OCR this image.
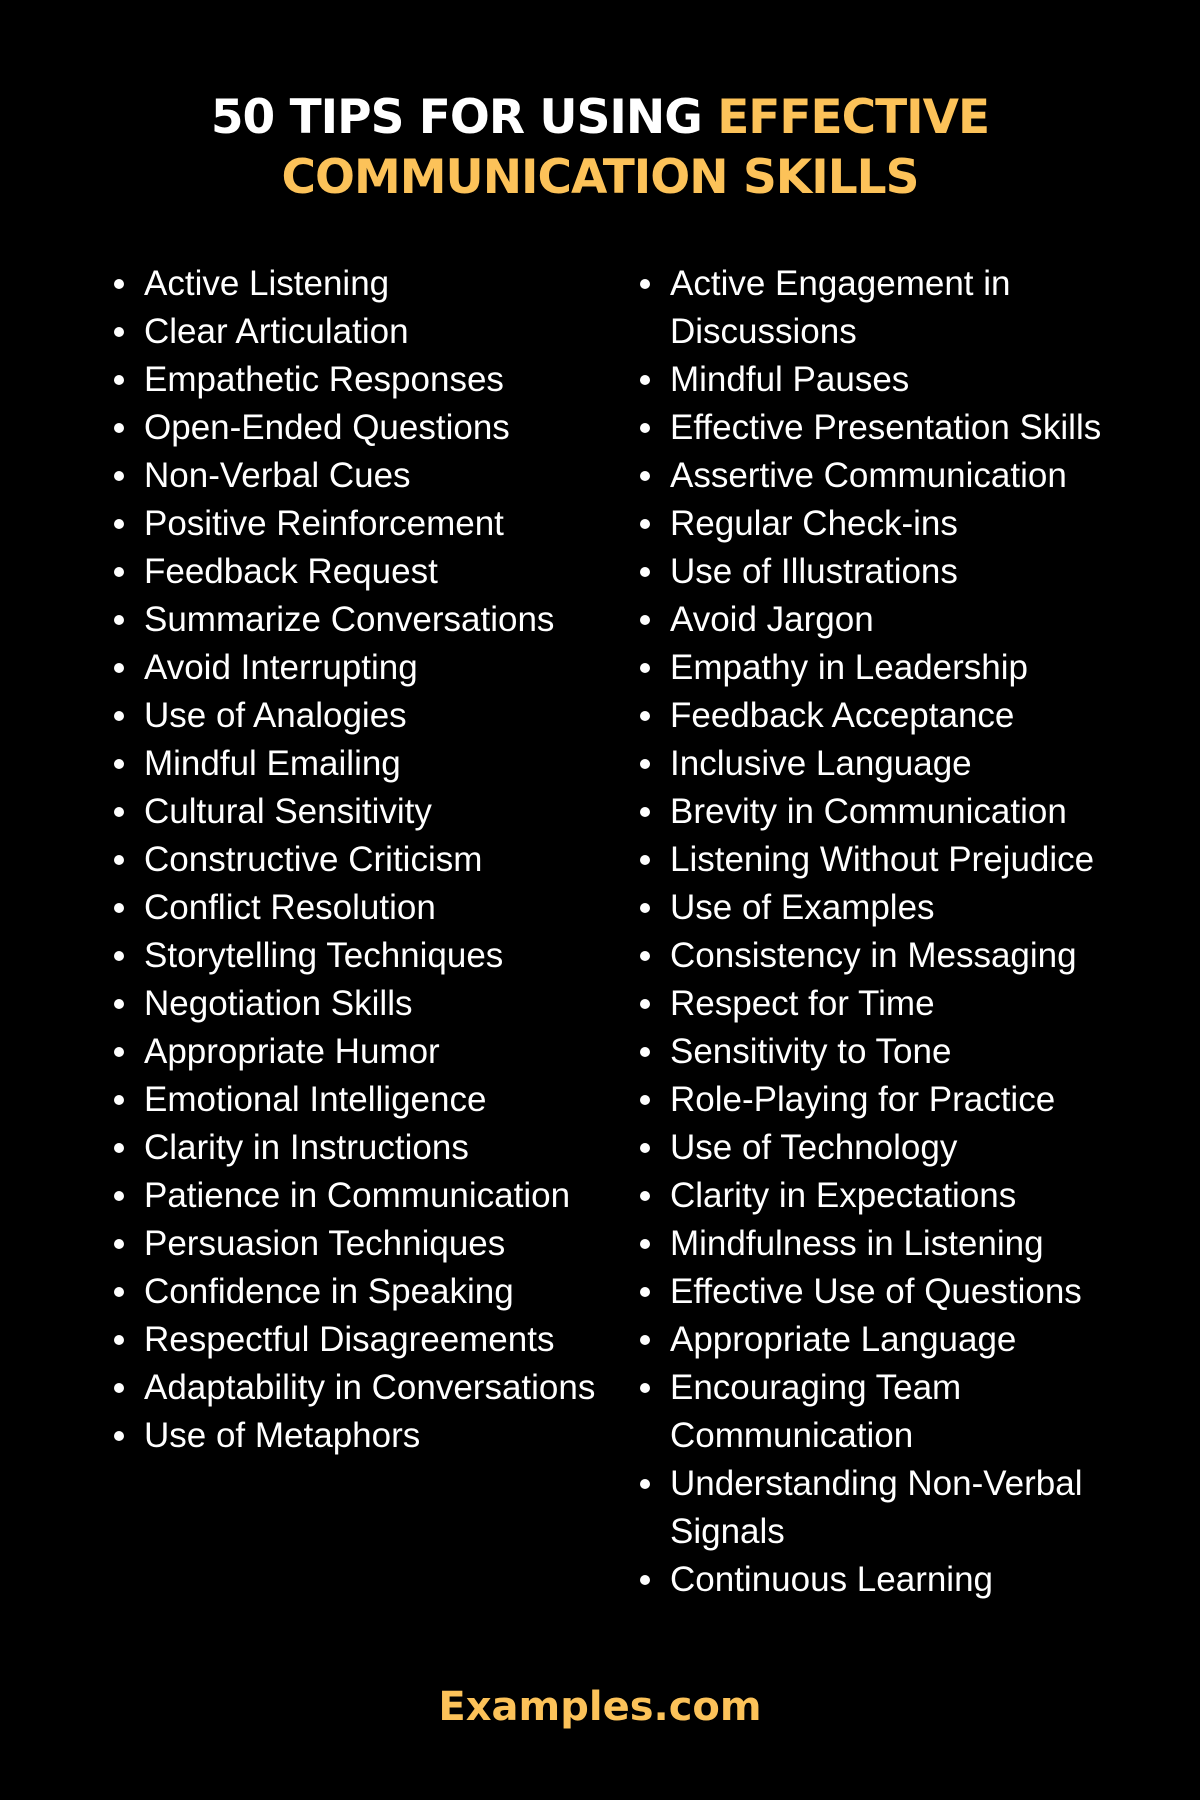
50 TIPS FOR USING EFFECTIVE COMMUNICATION SKILLS
Active Listening
Clear Articulation
Empathetic Responses
Open-Ended Questions
Non-Verbal Cues
Positive Reinforcement
Feedback Request
Summarize Conversations
Avoid Interrupting
Use of Analogies
Mindful Emailing
Cultural Sensitivity
Constructive Criticism
Conflict Resolution
Storytelling Techniques
Negotiation Skills
Appropriate Humor
Emotional Intelligence
Clarity in Instructions
Patience in Communication
Persuasion Techniques
Confidence in Speaking
Respectful Disagreements
Adaptability in Conversations
Use of Metaphors
Active Engagement in Discussions
Mindful Pauses
Effective Presentation Skills
Assertive Communication
Regular Check-ins
Use of Illustrations
Avoid Jargon
Empathy in Leadership
Feedback Acceptance
Inclusive Language
Brevity in Communication
Listening Without Prejudice
Use of Examples
Consistency in Messaging
Respect for Time
Sensitivity to Tone
Role-Playing for Practice
Use of Technology
Clarity in Expectations
Mindfulness in Listening
Effective Use of Questions
Appropriate Language
Encouraging Team Communication
Understanding Non-Verbal Signals
Continuous Learning
Examples.com
